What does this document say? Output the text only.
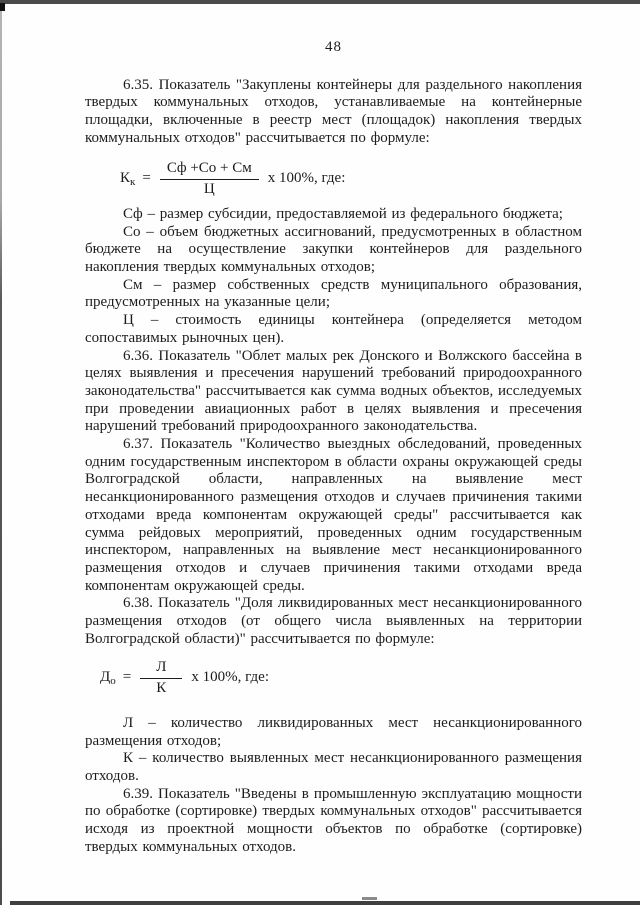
48

6.35. Показатель "Закуплены контейнеры для раздельного накопления твердых коммунальных отходов, устанавливаемые на контейнерные площадки, включенные в реестр мест (площадок) накопления твердых коммунальных отходов" рассчитывается по формуле:

$К_к = \frac{Сф +Со + См}{Ц}$ x 100%, где:

Сф – размер субсидии, предоставляемой из федерального бюджета;

Со – объем бюджетных ассигнований, предусмотренных в областном бюджете на осуществление закупки контейнеров для раздельного накопления твердых коммунальных отходов;

См – размер собственных средств муниципального образования, предусмотренных на указанные цели;

Ц – стоимость единицы контейнера (определяется методом сопоставимых рыночных цен).

6.36. Показатель "Облет малых рек Донского и Волжского бассейна в целях выявления и пресечения нарушений требований природоохранного законодательства" рассчитывается как сумма водных объектов, исследуемых при проведении авиационных работ в целях выявления и пресечения нарушений требований природоохранного законодательства.

6.37. Показатель "Количество выездных обследований, проведенных одним государственным инспектором в области охраны окружающей среды Волгоградской области, направленных на выявление мест несанкционированного размещения отходов и случаев причинения такими отходами вреда компонентам окружающей среды" рассчитывается как сумма рейдовых мероприятий, проведенных одним государственным инспектором, направленных на выявление мест несанкционированного размещения отходов и случаев причинения такими отходами вреда компонентам окружающей среды.

6.38. Показатель "Доля ликвидированных мест несанкционированного размещения отходов (от общего числа выявленных на территории Волгоградской области)" рассчитывается по формуле:

$Д_о = \frac{Л}{К}$ x 100%, где:

Л – количество ликвидированных мест несанкционированного размещения отходов;

К – количество выявленных мест несанкционированного размещения отходов.

6.39. Показатель "Введены в промышленную эксплуатацию мощности по обработке (сортировке) твердых коммунальных отходов" рассчитывается исходя из проектной мощности объектов по обработке (сортировке) твердых коммунальных отходов.
